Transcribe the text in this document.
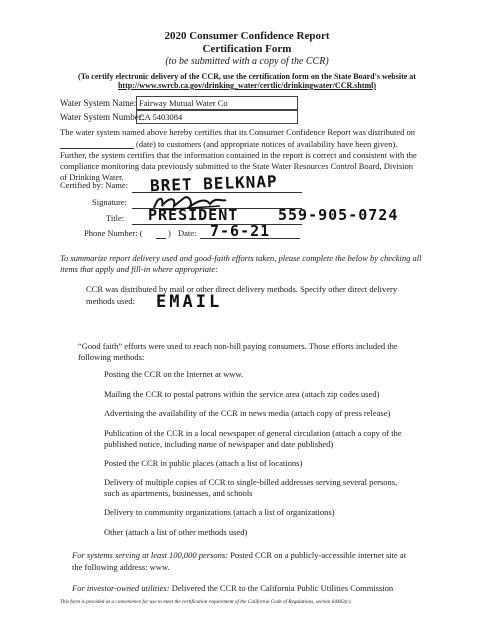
2020 Consumer Confidence Report
Certification Form
(to be submitted with a copy of the CCR)
(To certify electronic delivery of the CCR, use the certification form on the State Board's website at
http://www.swrcb.ca.gov/drinking_water/certlic/drinkingwater/CCR.shtml)
Water System Name: Fairway Mutual Water Co
Water System Number:
CA 5403084
The water system named above hereby certifies that its Consumer Confidence Report was distributed on
(date) to customers (and appropriate notices of availability have been given).
Further, the system certifies that the information contained in the report is correct and consistent with the
compliance monitoring data previously submitted to the State Water Resources Control Board, Division
of Drinking Water.
Certified by: Name: BRET BELKNAP
Signature:
Title: PRESIDENT
Phone Number: (	) Date:
559-905-0724
7-6-21
To summarize report delivery used and good-faith efforts taken, please complete the below by checking all
items that apply and fill-in where appropriate:
CCR was distributed by mail or other direct delivery methods. Specify other direct delivery
methods used: EMAIL
“Good faith” efforts were used to reach non-bill paying consumers. Those efforts included the
following methods:
Posting the CCR on the Internet at www.
Mailing the CCR to postal patrons within the service area (attach zip codes used)
Advertising the availability of the CCR in news media (attach copy of press release)
Publication of the CCR in a local newspaper of general circulation (attach a copy of the
published notice, including name of newspaper and date published)
Posted the CCR in public places (attach a list of locations)
Delivery of multiple copies of CCR to single-billed addresses serving several persons,
such as apartments, businesses, and schools
Delivery to community organizations (attach a list of organizations)
Other (attach a list of other methods used)
For systems serving at least 100,000 persons: Posted CCR on a publicly-accessible internet site at
the following address: www.
For investor-owned utilities: Delivered the CCR to the California Public Utilities Commission
This form is provided as a convenience for use to meet the certification requirement of the California Code of Regulations, section 64483(c).
